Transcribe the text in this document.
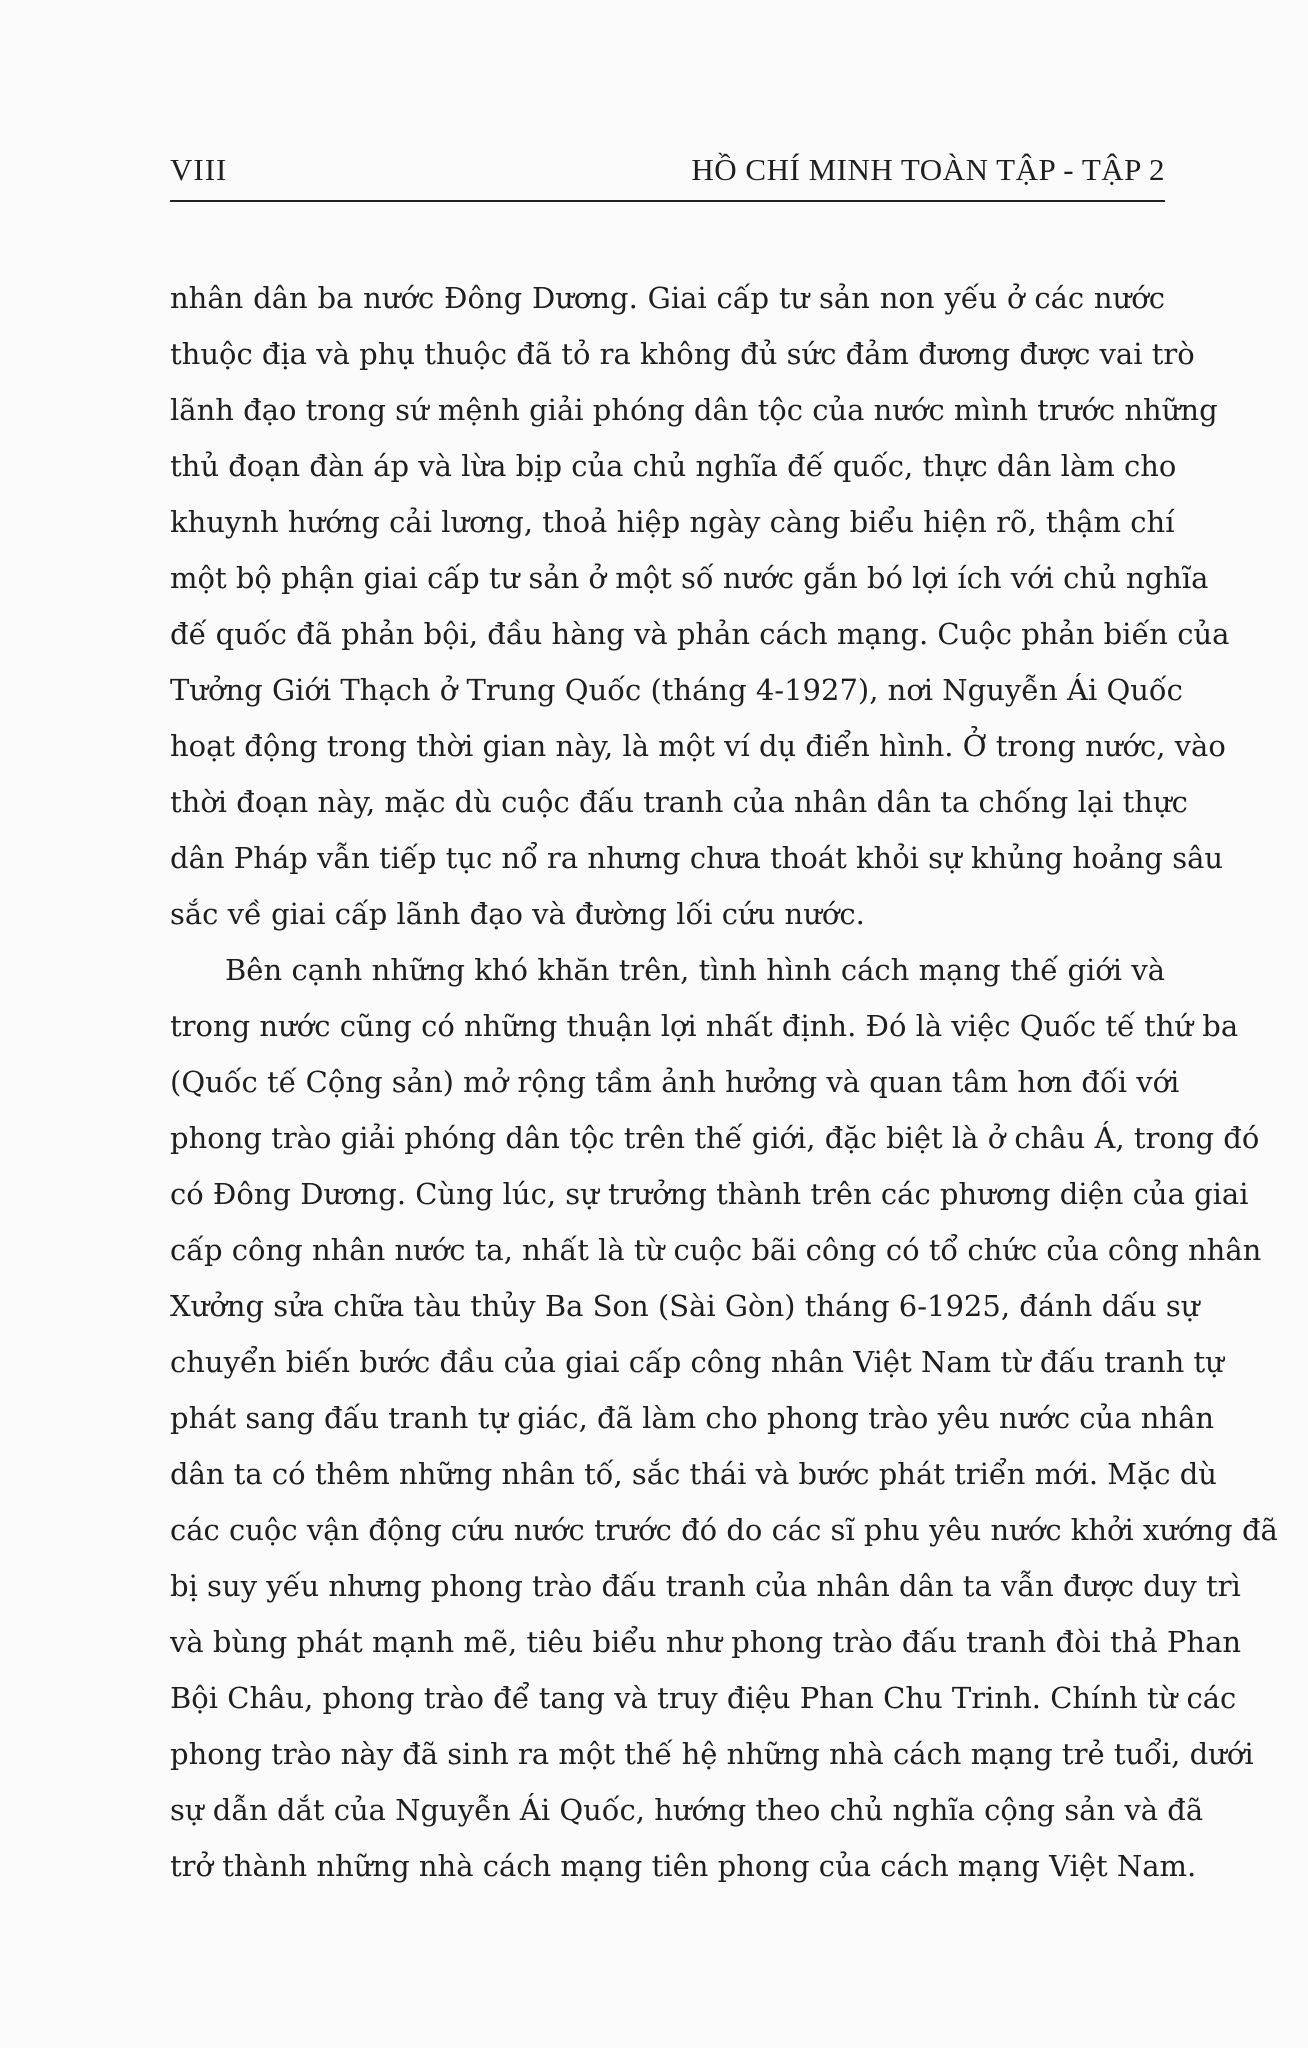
VIII	HỒ CHÍ MINH TOÀN TẬP - TẬP 2
nhân dân ba nước Đông Dương. Giai cấp tư sản non yếu ở các nước
thuộc địa và phụ thuộc đã tỏ ra không đủ sức đảm đương được vai trò
lãnh đạo trong sứ mệnh giải phóng dân tộc của nước mình trước những
thủ đoạn đàn áp và lừa bịp của chủ nghĩa đế quốc, thực dân làm cho
khuynh hướng cải lương, thoả hiệp ngày càng biểu hiện rõ, thậm chí
một bộ phận giai cấp tư sản ở một số nước gắn bó lợi ích với chủ nghĩa
đế quốc đã phản bội, đầu hàng và phản cách mạng. Cuộc phản biến của
Tưởng Giới Thạch ở Trung Quốc (tháng 4-1927), nơi Nguyễn Ái Quốc
hoạt động trong thời gian này, là một ví dụ điển hình. Ở trong nước, vào
thời đoạn này, mặc dù cuộc đấu tranh của nhân dân ta chống lại thực
dân Pháp vẫn tiếp tục nổ ra nhưng chưa thoát khỏi sự khủng hoảng sâu
sắc về giai cấp lãnh đạo và đường lối cứu nước.
Bên cạnh những khó khăn trên, tình hình cách mạng thế giới và
trong nước cũng có những thuận lợi nhất định. Đó là việc Quốc tế thứ ba
(Quốc tế Cộng sản) mở rộng tầm ảnh hưởng và quan tâm hơn đối với
phong trào giải phóng dân tộc trên thế giới, đặc biệt là ở châu Á, trong đó
có Đông Dương. Cùng lúc, sự trưởng thành trên các phương diện của giai
cấp công nhân nước ta, nhất là từ cuộc bãi công có tổ chức của công nhân
Xưởng sửa chữa tàu thủy Ba Son (Sài Gòn) tháng 6-1925, đánh dấu sự
chuyển biến bước đầu của giai cấp công nhân Việt Nam từ đấu tranh tự
phát sang đấu tranh tự giác, đã làm cho phong trào yêu nước của nhân
dân ta có thêm những nhân tố, sắc thái và bước phát triển mới. Mặc dù
các cuộc vận động cứu nước trước đó do các sĩ phu yêu nước khởi xướng đã
bị suy yếu nhưng phong trào đấu tranh của nhân dân ta vẫn được duy trì
và bùng phát mạnh mẽ, tiêu biểu như phong trào đấu tranh đòi thả Phan
Bội Châu, phong trào để tang và truy điệu Phan Chu Trinh. Chính từ các
phong trào này đã sinh ra một thế hệ những nhà cách mạng trẻ tuổi, dưới
sự dẫn dắt của Nguyễn Ái Quốc, hướng theo chủ nghĩa cộng sản và đã
trở thành những nhà cách mạng tiên phong của cách mạng Việt Nam.
